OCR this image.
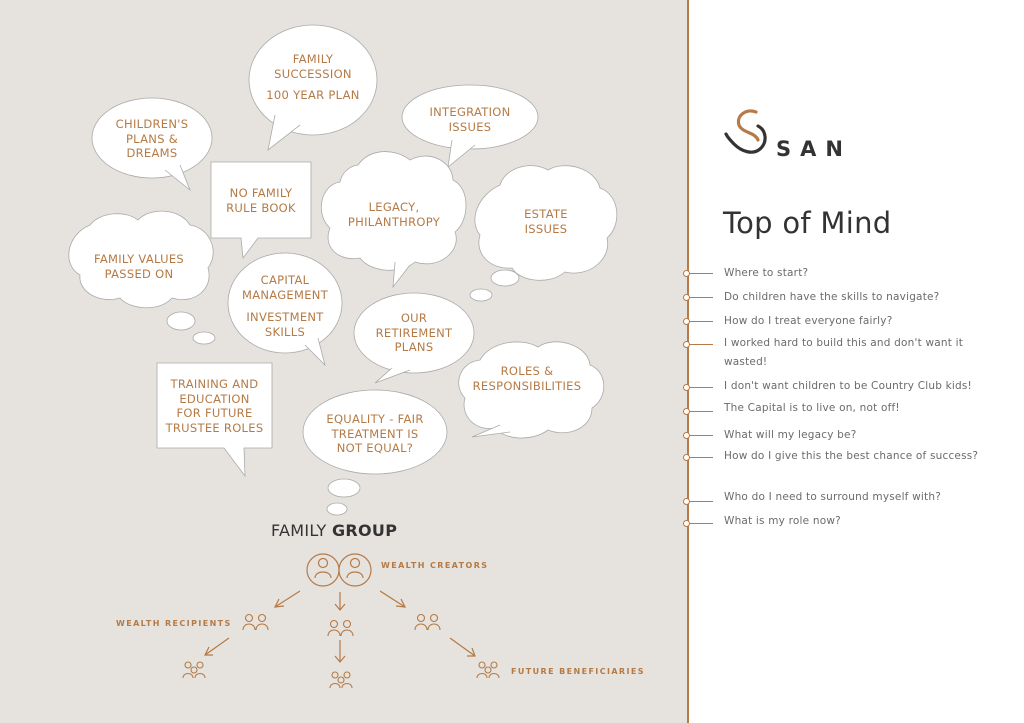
FAMILY
SUCCESSION
100 YEAR PLAN
INTEGRATION
ISSUES
CHILDREN'S
PLANS &
DREAMS
NO FAMILY
RULE BOOK	LEGACY,
PHILANTHROPY
ESTATE
ISSUES
FAMILY VALUES
PASSED ON	CAPITAL
MANAGEMENT
INVESTMENT
SKILLS
OUR
RETIREMENT
PLANS
ROLES &
RESPONSIBILITIES
TRAINING AND
EDUCATION
FOR FUTURE
TRUSTEE ROLES
EQUALITY - FAIR
TREATMENT IS
NOT EQUAL?
FAMILY GROUP
WEALTH CREATORS
WEALTH RECIPIENTS
FUTURE BENEFICIARIES
SAN
Top of Mind
Where to start?
Do children have the skills to navigate?
How do I treat everyone fairly?
I worked hard to build this and don't want it wasted!
I don't want children to be Country Club kids!
The Capital is to live on, not off!
What will my legacy be?
How do I give this the best chance of success?
Who do I need to surround myself with?
What is my role now?
